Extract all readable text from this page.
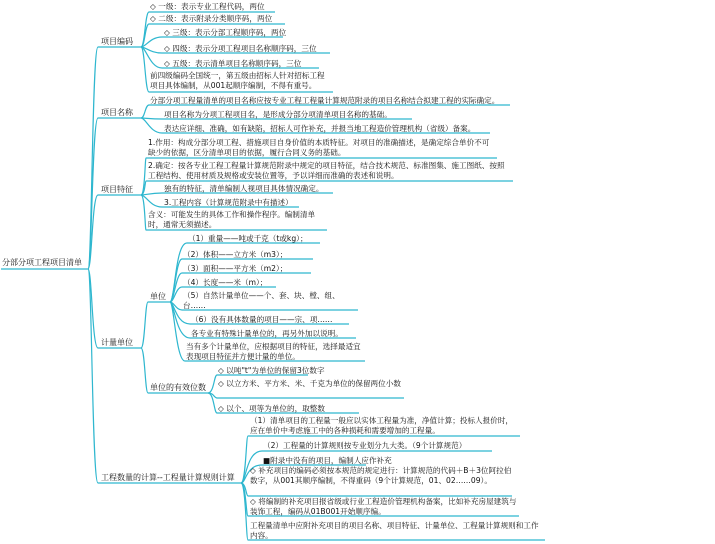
分部分项工程项目清单
项目编码
◇ 一级：表示专业工程代码，两位
◇ 二级：表示附录分类顺序码，两位
◇ 三级：表示分部工程顺序码，两位
◇ 四级：表示分项工程项目名称顺序码，三位
◇ 五级：表示清单项目名称顺序码，三位
前四级编码全国统一，第五级由招标人针对招标工程项目具体编制，从001起顺序编制，不得有重号。
项目名称
分部分项工程量清单的项目名称应按专业工程工程量计算规范附录的项目名称结合拟建工程的实际确定。
项目名称为分项工程项目名，是形成分部分项清单项目名称的基础。
表达应详细、准确，如有缺陷，招标人可作补充，并报当地工程造价管理机构（省级）备案。
项目特征
1.作用：构成分部分项工程、措施项目自身价值的本质特征。对项目的准确描述，是确定综合单价不可缺少的依据，区分清单项目的依据，履行合同义务的基础。
2.确定：按各专业工程工程量计算规范附录中规定的项目特征，结合技术规范、标准图集、施工图纸、按照工程结构、使用材质及规格或安装位置等，予以详细而准确的表述和说明。
独有的特征，清单编制人视项目具体情况确定。
3.工程内容（计算规范附录中有描述）
含义：可能发生的具体工作和操作程序。编制清单时，通常无须描述。
计量单位
单位
（1）重量——吨或千克（t或kg）；
（2）体积——立方米（m3）；
（3）面积——平方米（m2）；
（4）长度——米（m）；
（5）自然计量单位——个、套、块、樘、组、台……
（6）没有具体数量的项目——宗、项……
各专业有特殊计量单位的，再另外加以说明。
当有多个计量单位，应根据项目的特征，选择最适宜表现项目特征并方便计量的单位。
单位的有效位数
◇ 以吨"t"为单位的保留3位数字
◇ 以立方米、平方米、米、千克为单位的保留两位小数
◇ 以个、项等为单位的，取整数
工程数量的计算--工程量计算规则计算
（1）清单项目的工程量一般应以实体工程量为准，净值计算；投标人报价时，应在单价中考虑施工中的各种损耗和需要增加的工程量。
（2）工程量的计算规则按专业划分九大类。（9个计算规范）
■附录中没有的项目，编制人应作补充
◇ 补充项目的编码必须按本规范的规定进行：计算规范的代码＋B＋3位阿拉伯数字，从001其顺序编制，不得重码（9个计算规范，01、02……09）。
◇ 将编制的补充项目报省级或行业工程造价管理机构备案，比如补充房屋建筑与装饰工程，编码从01B001开始顺序编。
工程量清单中应附补充项目的项目名称、项目特征、计量单位、工程量计算规则和工作内容。
